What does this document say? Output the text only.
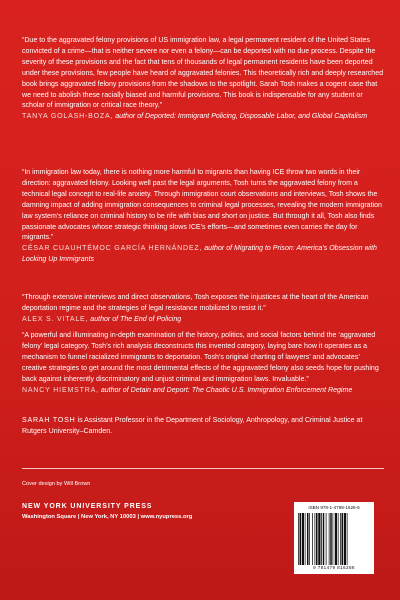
“Due to the aggravated felony provisions of US immigration law, a legal permanent resident of the United States convicted of a crime—that is neither severe nor even a felony—can be deported with no due process. Despite the severity of these provisions and the fact that tens of thousands of legal permanent residents have been deported under these provisions, few people have heard of aggravated felonies. This theoretically rich and deeply researched book brings aggravated felony provisions from the shadows to the spotlight. Sarah Tosh makes a cogent case that we need to abolish these racially biased and harmful provisions. This book is indispensable for any student or scholar of immigration or critical race theory.”

TANYA GOLASH-BOZA, author of Deported: Immigrant Policing, Disposable Labor, and Global Capitalism

“In immigration law today, there is nothing more harmful to migrants than having ICE throw two words in their direction: aggravated felony. Looking well past the legal arguments, Tosh turns the aggravated felony from a technical legal concept to real-life anxiety. Through immigration court observations and interviews, Tosh shows the damning impact of adding immigration consequences to criminal legal processes, revealing the modern immigration law system’s reliance on criminal history to be rife with bias and short on justice. But through it all, Tosh also finds passionate advocates whose strategic thinking slows ICE’s efforts—and sometimes even carries the day for migrants.”

CÉSAR CUAUHTÉMOC GARCÍA HERNÁNDEZ, author of Migrating to Prison: America’s Obsession with Locking Up Immigrants

“Through extensive interviews and direct observations, Tosh exposes the injustices at the heart of the American deportation regime and the strategies of legal resistance mobilized to resist it.”

ALEX S. VITALE, author of The End of Policing

“A powerful and illuminating in-depth examination of the history, politics, and social factors behind the ‘aggravated felony’ legal category. Tosh’s rich analysis deconstructs this invented category, laying bare how it operates as a mechanism to funnel racialized immigrants to deportation. Tosh’s original charting of lawyers’ and advocates’ creative strategies to get around the most detrimental effects of the aggravated felony also seeds hope for pushing back against inherently discriminatory and unjust criminal and immigration laws. Invaluable.”

NANCY HIEMSTRA, author of Detain and Deport: The Chaotic U.S. Immigration Enforcement Regime

SARAH TOSH is Assistant Professor in the Department of Sociology, Anthropology, and Criminal Justice at Rutgers University–Camden.

Cover design by Will Brown

NEW YORK UNIVERSITY PRESS

Washington Square | New York, NY 10003 | www.nyupress.org

ISBN 978-1-4798-1628-6
9 781479 816286
